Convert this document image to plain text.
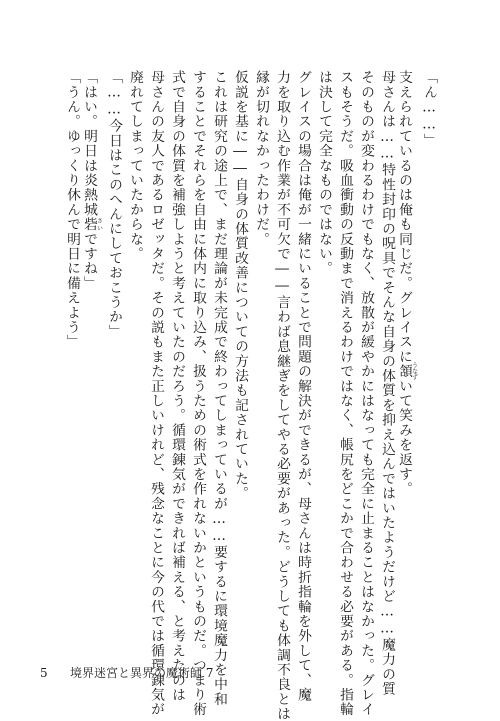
「ん……」
支えられているのは俺も同じだ。グレイスに頷うなずいて笑みを返す。
母さんは……特性封印の呪具でそんな自身の体質を抑え込んではいたようだけど……魔力の質
そのものが変わるわけでもなく、放散が緩やかにはなっても完全に止まることはなかった。グレイ
スもそうだ。吸血衝動の反動まで消えるわけではなく、帳尻をどこかで合わせる必要がある。指輪
は決して完全なものではない。
グレイスの場合は俺が一緒にいることで問題の解決ができるが、母さんは時折指輪を外して、魔
力を取り込む作業が不可欠で――言わば息継ぎをしてやる必要があった。どうしても体調不良とは
縁が切れなかったわけだ。
仮説を基に――自身の体質改善についての方法も記されていた。
これは研究の途上で、まだ理論が未完成で終わってしまっているが……要するに環境魔力を中和
することでそれらを自由に体内に取り込み、扱うための術式を作れないかというものだ。つまり術
式で自身の体質を補強しようと考えていたのだろう。循環錬気ができれば補える、と考えたのは
母さんの友人であるロゼッタだ。その説もまた正しいけれど、残念なことに今の代では循環錬気が
廃れてしまっていたからな。
「……今日はこのへんにしておこうか」
「はい。明日は炎熱城砦さいですね」
「うん。ゆっくり休んで明日に備えよう」
5 境界迷宮と異界の魔術師 7
